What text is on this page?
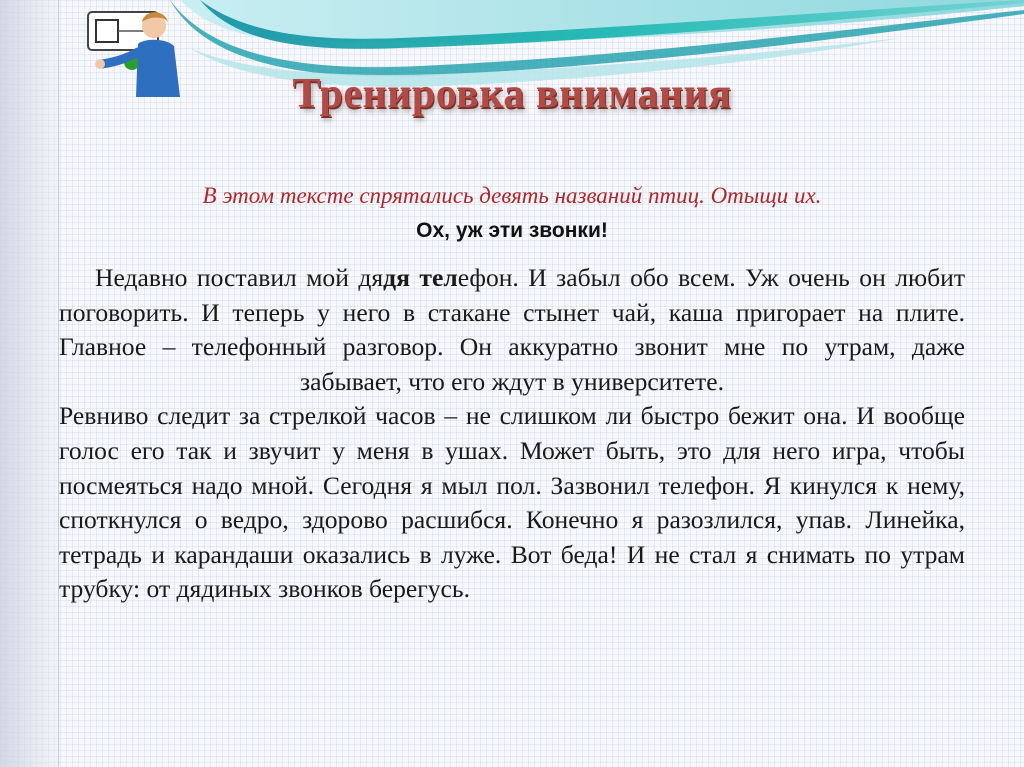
Тренировка внимания
В этом тексте спрятались девять названий птиц. Отыщи их.
Ох, уж эти звонки!

Недавно поставил мой дядя телефон. И забыл обо всем. Уж очень он любит поговорить. И теперь у него в стакане стынет чай, каша пригорает на плите. Главное – телефонный разговор. Он аккуратно звонит мне по утрам, даже забывает, что его ждут в университете.

Ревниво следит за стрелкой часов – не слишком ли быстро бежит она. И вообще голос его так и звучит у меня в ушах. Может быть, это для него игра, чтобы посмеяться надо мной. Сегодня я мыл пол. Зазвонил телефон. Я кинулся к нему, споткнулся о ведро, здорово расшибся. Конечно я разозлился, упав. Линейка, тетрадь и карандаши оказались в луже. Вот беда! И не стал я снимать по утрам трубку: от дядиных звонков берегусь.
